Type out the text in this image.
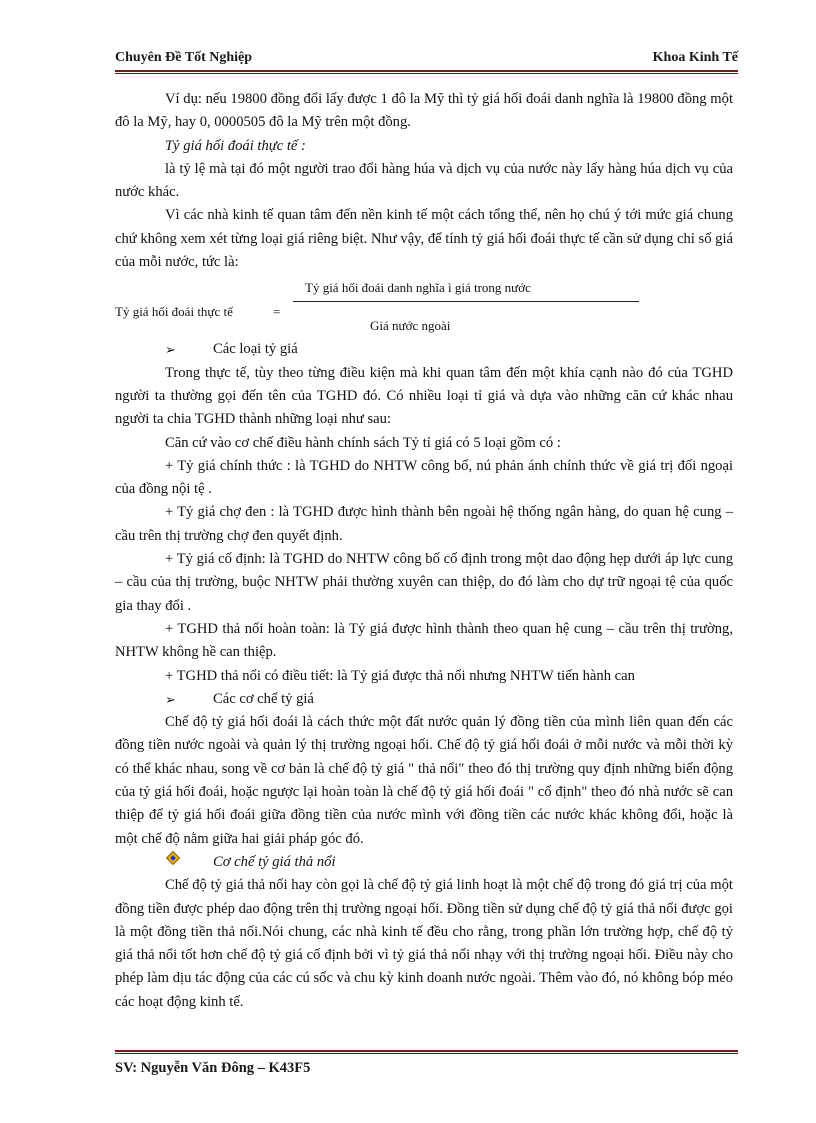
Chuyên Đề Tốt Nghiệp	Khoa Kinh Tế

Ví dụ: nếu 19800 đồng đổi lấy được 1 đô la Mỹ thì tỷ giá hối đoái danh nghĩa là 19800 đồng một đô la Mỹ, hay 0, 0000505 đô la Mỹ trên một đồng.

Tỷ giá hối đoái thực tế :

là tỷ lệ mà tại đó một người trao đổi hàng húa và dịch vụ của nước này lấy hàng húa dịch vụ của nước khác.

Vì các nhà kinh tế quan tâm đến nền kinh tế một cách tổng thể, nên họ chú ý tới mức giá chung chứ không xem xét từng loại giá riêng biệt. Như vậy, để tính tỷ giá hối đoái thực tế cần sử dụng chỉ số giá của mỗi nước, tức là:

Tỷ giá hối đoái thực tế	=
Tỷ giá hối đoái danh nghĩa ì giá trong nước
Giá nước ngoài
➢	Các loại tỷ giá

Trong thực tế, tùy theo từng điều kiện mà khi quan tâm đến một khía cạnh nào đó của TGHD người ta thường gọi đến tên của TGHD đó. Có nhiều loại tỉ giá và dựa vào những căn cứ khác nhau người ta chia TGHD thành những loại như sau:

Căn cứ vào cơ chế điều hành chính sách Tỷ tỉ giá có 5 loại gồm có :

+ Tỷ giá chính thức : là TGHD do NHTW công bố, nú phản ánh chính thức về giá trị đối ngoại của đồng nội tệ .

+ Tỷ giá chợ đen : là TGHD được hình thành bên ngoài hệ thống ngân hàng, do quan hệ cung – cầu trên thị trường chợ đen quyết định.

+ Tỷ giá cố định: là TGHD do NHTW công bố cố định trong một dao động hẹp dưới áp lực cung – cầu của thị trường, buộc NHTW phải thường xuyên can thiệp, do đó làm cho dự trữ ngoại tệ của quốc gia thay đổi .

+ TGHD thả nổi hoàn toàn: là Tỷ giá được hình thành theo quan hệ cung – cầu trên thị trường, NHTW không hề can thiệp.

+ TGHD thả nổi có điều tiết: là Tỷ giá được thả nổi nhưng NHTW tiến hành can

➢	Các cơ chế tỷ giá

Chế độ tỷ giá hối đoái là cách thức một đất nước quản lý đồng tiền của mình liên quan đến các đồng tiền nước ngoài và quản lý thị trường ngoại hối. Chế độ tỷ giá hối đoái ở mỗi nước và mỗi thời kỳ có thể khác nhau, song về cơ bản là chế độ tỷ giá " thả nổi" theo đó thị trường quy định những biến động của tỷ giá hối đoái, hoặc ngược lại hoàn toàn là chế độ tỷ giá hối đoái " cố định" theo đó nhà nước sẽ can thiệp để tỷ giá hối đoái giữa đồng tiền của nước mình với đồng tiền các nước khác không đổi, hoặc là một chế độ nằm giữa hai giải pháp góc đó.

Cơ chế tỷ giá thả nổi

Chế độ tỷ giá thả nổi hay còn gọi là chế độ tỷ giá linh hoạt là một chế độ trong đó giá trị của một đồng tiền được phép dao động trên thị trường ngoại hối. Đồng tiền sử dụng chế độ tỷ giá thả nổi được gọi là một đồng tiền thả nổi.Nói chung, các nhà kinh tế đều cho rằng, trong phần lớn trường hợp, chế độ tỷ giá thả nổi tốt hơn chế độ tỷ giá cố định bởi vì tỷ giá thả nổi nhạy với thị trường ngoại hối. Điều này cho phép làm dịu tác động của các cú sốc và chu kỳ kinh doanh nước ngoài. Thêm vào đó, nó không bóp méo các hoạt động kinh tế.

SV: Nguyễn Văn Đông – K43F5
